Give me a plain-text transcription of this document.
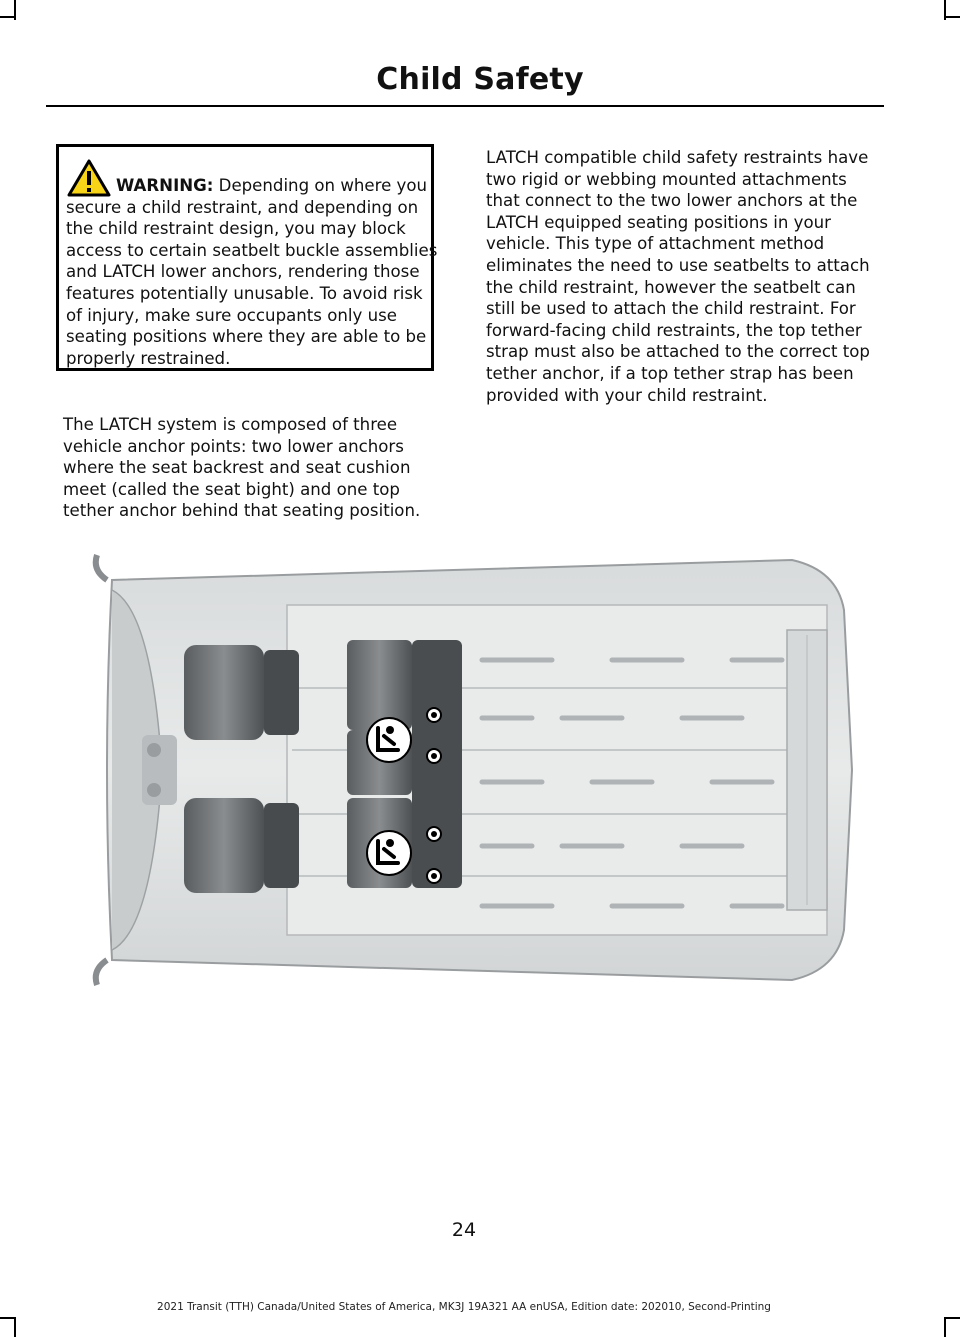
Child Safety
WARNING: Depending on where you secure a child restraint, and depending on the child restraint design, you may block access to certain seatbelt buckle assemblies and LATCH lower anchors, rendering those features potentially unusable. To avoid risk of injury, make sure occupants only use seating positions where they are able to be properly restrained.
The LATCH system is composed of three vehicle anchor points: two lower anchors where the seat backrest and seat cushion meet (called the seat bight) and one top tether anchor behind that seating position.
LATCH compatible child safety restraints have two rigid or webbing mounted attachments that connect to the two lower anchors at the LATCH equipped seating positions in your vehicle. This type of attachment method eliminates the need to use seatbelts to attach the child restraint, however the seatbelt can still be used to attach the child restraint. For forward-facing child restraints, the top tether strap must also be attached to the correct top tether anchor, if a top tether strap has been provided with your child restraint.
24
2021 Transit (TTH) Canada/United States of America, MK3J 19A321 AA enUSA, Edition date: 202010, Second-Printing
